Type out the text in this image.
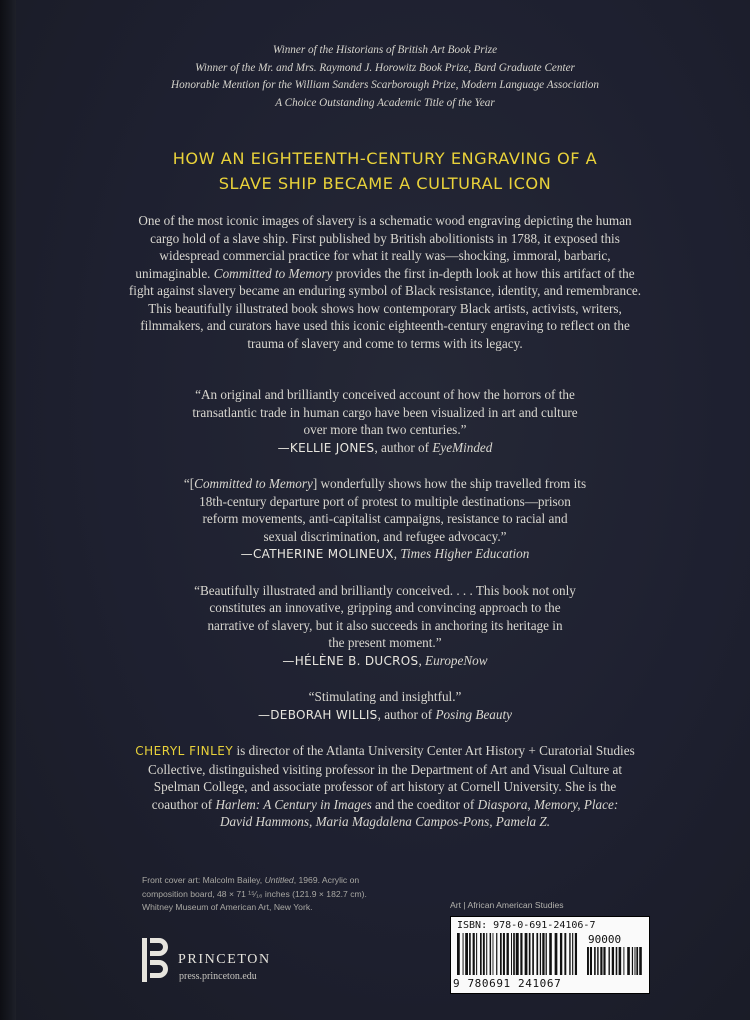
Winner of the Historians of British Art Book Prize
Winner of the Mr. and Mrs. Raymond J. Horowitz Book Prize, Bard Graduate Center
Honorable Mention for the William Sanders Scarborough Prize, Modern Language Association
A Choice Outstanding Academic Title of the Year
HOW AN EIGHTEENTH-CENTURY ENGRAVING OF A
SLAVE SHIP BECAME A CULTURAL ICON
One of the most iconic images of slavery is a schematic wood engraving depicting the human
cargo hold of a slave ship. First published by British abolitionists in 1788, it exposed this
widespread commercial practice for what it really was—shocking, immoral, barbaric,
unimaginable. Committed to Memory provides the first in-depth look at how this artifact of the
fight against slavery became an enduring symbol of Black resistance, identity, and remembrance.
This beautifully illustrated book shows how contemporary Black artists, activists, writers,
filmmakers, and curators have used this iconic eighteenth-century engraving to reflect on the
trauma of slavery and come to terms with its legacy.
“An original and brilliantly conceived account of how the horrors of the
transatlantic trade in human cargo have been visualized in art and culture
over more than two centuries.”
—KELLIE JONES, author of EyeMinded
“[Committed to Memory] wonderfully shows how the ship travelled from its
18th-century departure port of protest to multiple destinations—prison
reform movements, anti-capitalist campaigns, resistance to racial and
sexual discrimination, and refugee advocacy.”
—CATHERINE MOLINEUX, Times Higher Education
“Beautifully illustrated and brilliantly conceived. . . . This book not only
constitutes an innovative, gripping and convincing approach to the
narrative of slavery, but it also succeeds in anchoring its heritage in
the present moment.”
—HÉLÈNE B. DUCROS, EuropeNow
“Stimulating and insightful.”
—DEBORAH WILLIS, author of Posing Beauty
CHERYL FINLEY is director of the Atlanta University Center Art History + Curatorial Studies
Collective, distinguished visiting professor in the Department of Art and Visual Culture at
Spelman College, and associate professor of art history at Cornell University. She is the
coauthor of Harlem: A Century in Images and the coeditor of Diaspora, Memory, Place:
David Hammons, Maria Magdalena Campos-Pons, Pamela Z.
Front cover art: Malcolm Bailey, Untitled, 1969. Acrylic on
composition board, 48 × 71 ¹⁵⁄₁₆ inches (121.9 × 182.7 cm).
Whitney Museum of American Art, New York.
PRINCETON
press.princeton.edu
Art | African American Studies
ISBN: 978-0-691-24106-7
90000
9 780691 241067
